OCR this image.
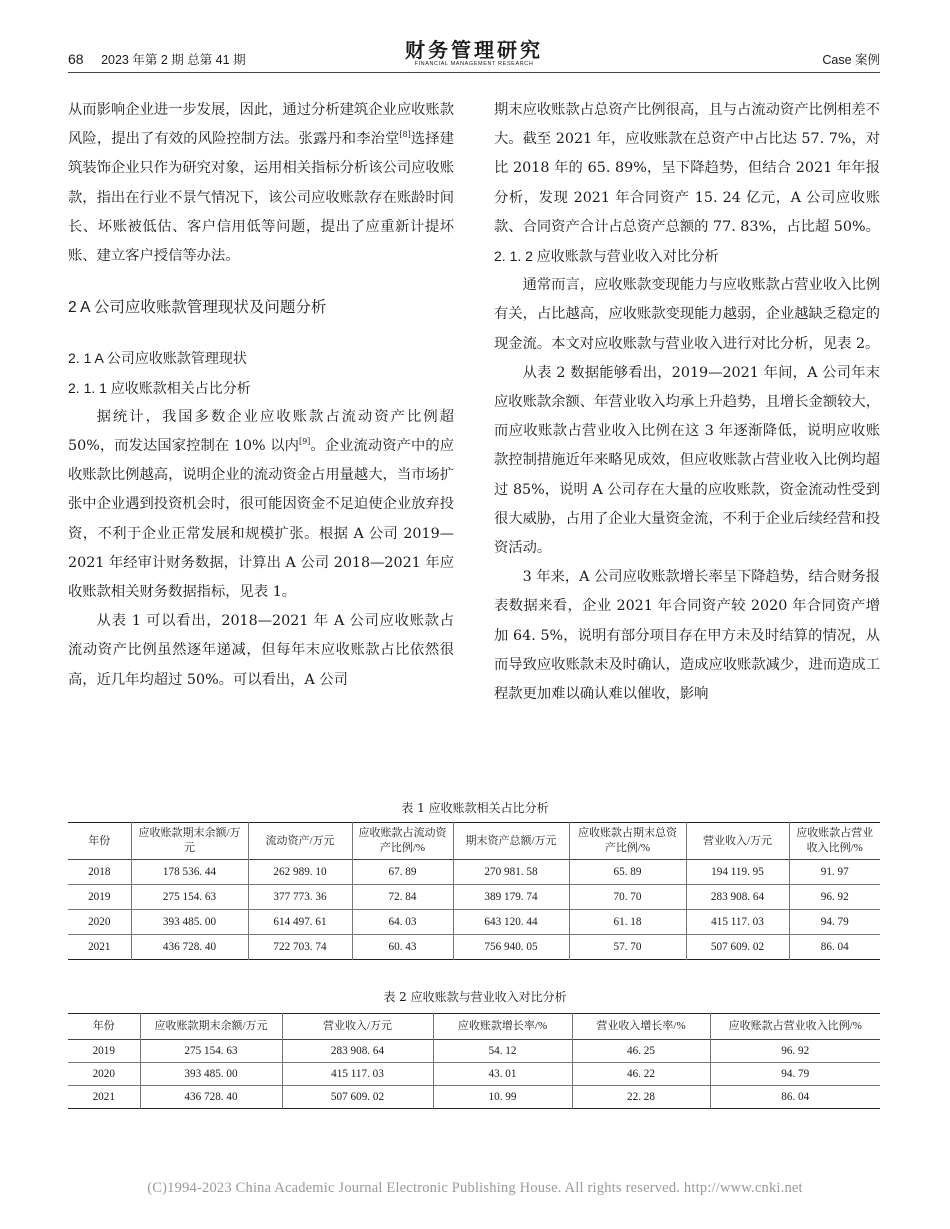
68 2023 年第 2 期 总第 41 期	财务管理研究
FINANCIAL MANAGEMENT RESEARCH	Case 案例

从而影响企业进一步发展，因此，通过分析建筑企业应收账款风险，提出了有效的风险控制方法。张露丹和李治堂[8]选择建筑装饰企业只作为研究对象，运用相关指标分析该公司应收账款，指出在行业不景气情况下，该公司应收账款存在账龄时间长、坏账被低估、客户信用低等问题，提出了应重新计提坏账、建立客户授信等办法。

2 A 公司应收账款管理现状及问题分析
2. 1 A 公司应收账款管理现状
2. 1. 1 应收账款相关占比分析

据统计，我国多数企业应收账款占流动资产比例超 50%，而发达国家控制在 10% 以内[9]。企业流动资产中的应收账款比例越高，说明企业的流动资金占用量越大，当市场扩张中企业遇到投资机会时，很可能因资金不足迫使企业放弃投资，不利于企业正常发展和规模扩张。根据 A 公司 2019—2021 年经审计财务数据，计算出 A 公司 2018—2021 年应收账款相关财务数据指标，见表 1。

从表 1 可以看出，2018—2021 年 A 公司应收账款占流动资产比例虽然逐年递减，但每年末应收账款占比依然很高，近几年均超过 50%。可以看出，A 公司

期末应收账款占总资产比例很高，且与占流动资产比例相差不大。截至 2021 年，应收账款在总资产中占比达 57. 7%，对比 2018 年的 65. 89%，呈下降趋势，但结合 2021 年年报分析，发现 2021 年合同资产 15. 24 亿元，A 公司应收账款、合同资产合计占总资产总额的 77. 83%，占比超 50%。

2. 1. 2 应收账款与营业收入对比分析

通常而言，应收账款变现能力与应收账款占营业收入比例有关，占比越高，应收账款变现能力越弱，企业越缺乏稳定的现金流。本文对应收账款与营业收入进行对比分析，见表 2。

从表 2 数据能够看出，2019—2021 年间，A 公司年末应收账款余额、年营业收入均承上升趋势，且增长金额较大，而应收账款占营业收入比例在这 3 年逐渐降低，说明应收账款控制措施近年来略见成效，但应收账款占营业收入比例均超过 85%，说明 A 公司存在大量的应收账款，资金流动性受到很大威胁，占用了企业大量资金流，不利于企业后续经营和投资活动。

3 年来，A 公司应收账款增长率呈下降趋势，结合财务报表数据来看，企业 2021 年合同资产较 2020 年合同资产增加 64. 5%，说明有部分项目存在甲方未及时结算的情况，从而导致应收账款未及时确认，造成应收账款减少，进而造成工程款更加难以确认难以催收，影响

表 1 应收账款相关占比分析
年份	应收账款期末余额/万元	流动资产/万元	应收账款占流动资产比例/%	期末资产总额/万元	应收账款占期末总资产比例/%	营业收入/万元	应收账款占营业收入比例/%
2018	178 536. 44	262 989. 10	67. 89	270 981. 58	65. 89	194 119. 95	91. 97
2019	275 154. 63	377 773. 36	72. 84	389 179. 74	70. 70	283 908. 64	96. 92
2020	393 485. 00	614 497. 61	64. 03	643 120. 44	61. 18	415 117. 03	94. 79
2021	436 728. 40	722 703. 74	60. 43	756 940. 05	57. 70	507 609. 02	86. 04
表 2 应收账款与营业收入对比分析
年份	应收账款期末余额/万元	营业收入/万元	应收账款增长率/%	营业收入增长率/%	应收账款占营业收入比例/%
2019	275 154. 63	283 908. 64	54. 12	46. 25	96. 92
2020	393 485. 00	415 117. 03	43. 01	46. 22	94. 79
2021	436 728. 40	507 609. 02	10. 99	22. 28	86. 04
(C)1994-2023 China Academic Journal Electronic Publishing House. All rights reserved. http://www.cnki.net
